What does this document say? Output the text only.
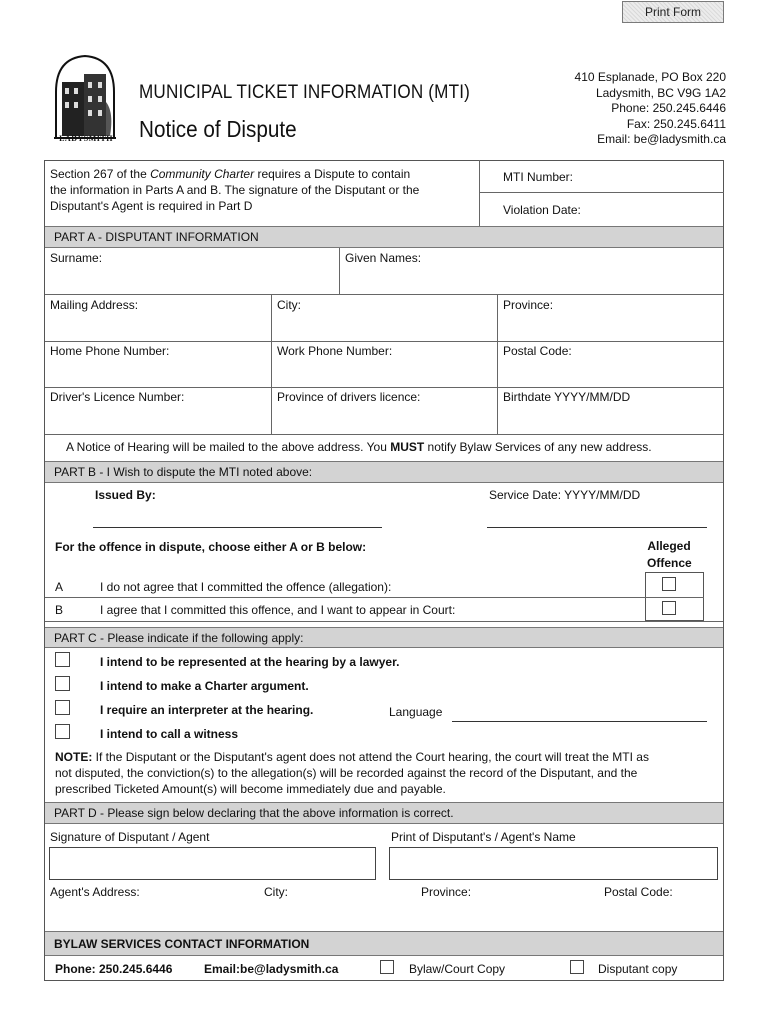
Print Form
LADYSMITH
MUNICIPAL TICKET INFORMATION (MTI)
Notice of Dispute
410 Esplanade, PO Box 220
Ladysmith, BC V9G 1A2
Phone: 250.245.6446
Fax: 250.245.6411
Email: be@ladysmith.ca
Section 267 of the Community Charter requires a Dispute to contain
the information in Parts A and B. The signature of the Disputant or the
Disputant's Agent is required in Part D
MTI Number:
Violation Date:
PART A - DISPUTANT INFORMATION
Surname:	Given Names:
Mailing Address:	City:	Province:
Home Phone Number:	Work Phone Number:	Postal Code:
Driver's Licence Number:	Province of drivers licence:	Birthdate YYYY/MM/DD
A Notice of Hearing will be mailed to the above address. You MUST notify Bylaw Services of any new address.
PART B - I Wish to dispute the MTI noted above:
Issued By:	Service Date: YYYY/MM/DD
For the offence in dispute, choose either A or B below:	Alleged
Offence
A	I do not agree that I committed the offence (allegation):
B	I agree that I committed this offence, and I want to appear in Court:
PART C - Please indicate if the following apply:
I intend to be represented at the hearing by a lawyer.
I intend to make a Charter argument.
I require an interpreter at the hearing.	Language
I intend to call a witness
NOTE: If the Disputant or the Disputant's agent does not attend the Court hearing, the court will treat the MTI as
not disputed, the conviction(s) to the allegation(s) will be recorded against the record of the Disputant, and the
prescribed Ticketed Amount(s) will become immediately due and payable.
PART D - Please sign below declaring that the above information is correct.
Signature of Disputant / Agent	Print of Disputant's / Agent's Name
Agent's Address:	City:	Province:	Postal Code:
BYLAW SERVICES CONTACT INFORMATION
Phone: 250.245.6446	Email:be@ladysmith.ca	Bylaw/Court Copy	Disputant copy
